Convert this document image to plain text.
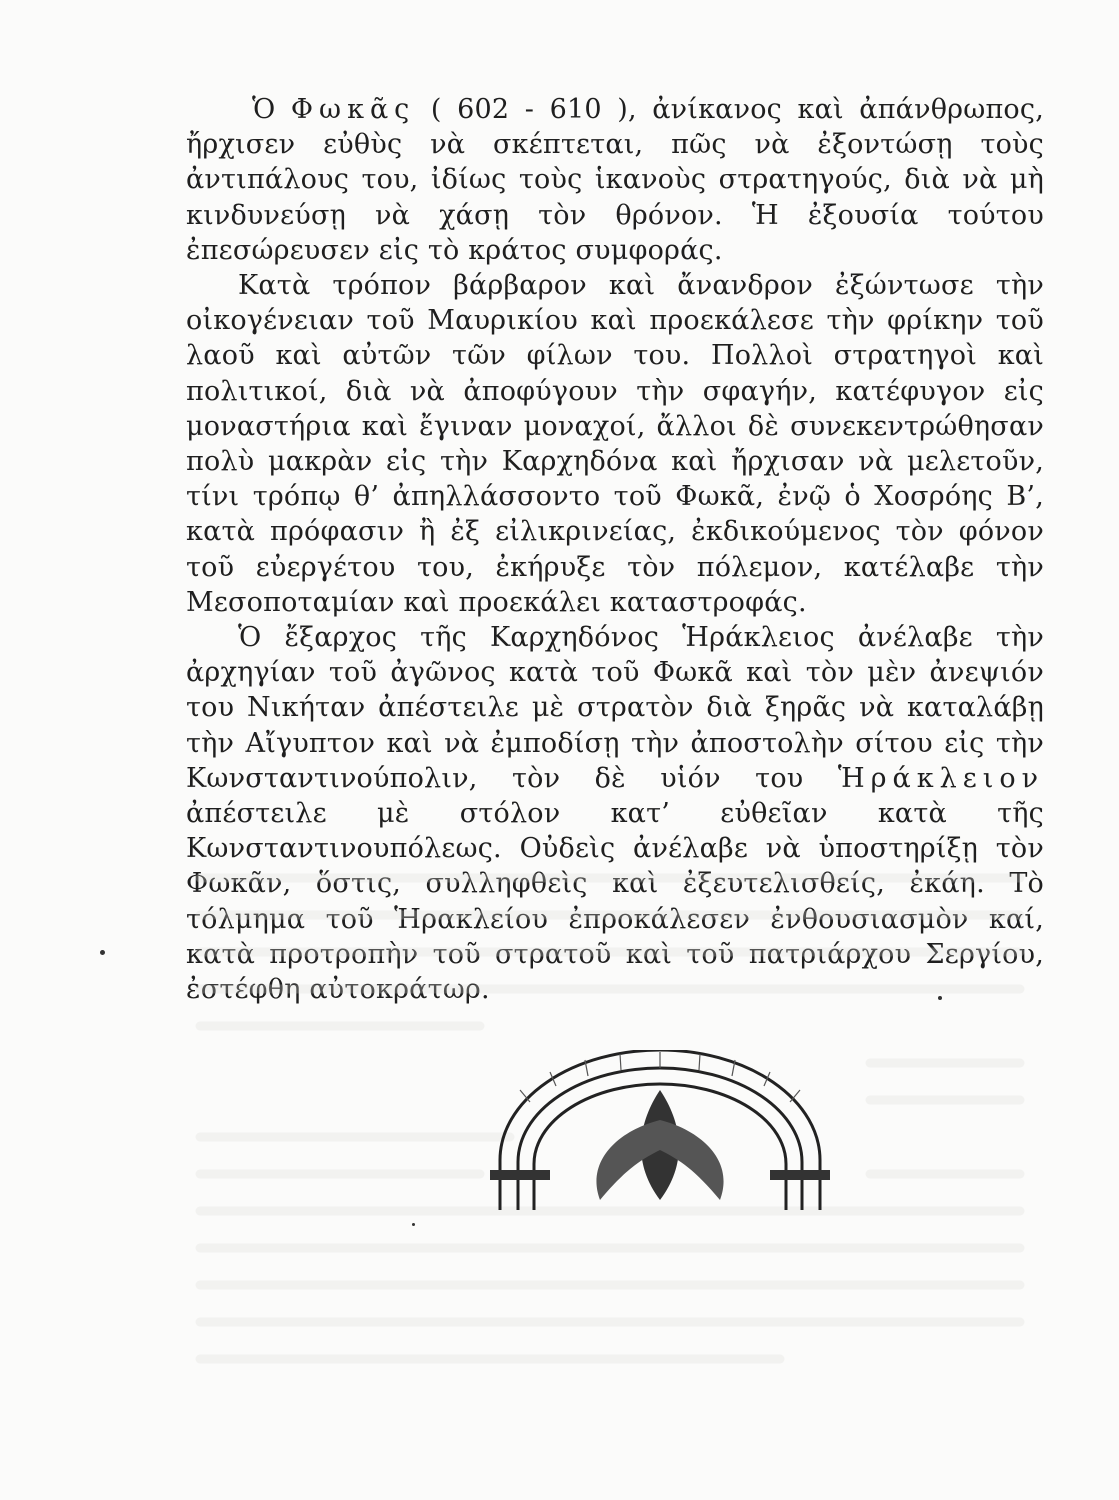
Ὁ Φωκᾶς ( 602 - 610 ), ἀνίκανος καὶ ἀπάνθρωπος, ἤρχισεν εὐθὺς νὰ σκέπτεται, πῶς νὰ ἐξοντώσῃ τοὺς ἀντιπάλους του, ἰδίως τοὺς ἱκανοὺς στρατηγούς, διὰ νὰ μὴ κινδυνεύσῃ νὰ χάσῃ τὸν θρόνον. Ἡ ἐξουσία τούτου ἐπεσώρευσεν εἰς τὸ κράτος συμφοράς.

Κατὰ τρόπον βάρβαρον καὶ ἄνανδρον ἐξώντωσε τὴν οἰκογένειαν τοῦ Μαυρικίου καὶ προεκάλεσε τὴν φρίκην τοῦ λαοῦ καὶ αὐτῶν τῶν φίλων του. Πολλοὶ στρατηγοὶ καὶ πολιτικοί, διὰ νὰ ἀποφύγουν τὴν σφαγήν, κατέφυγον εἰς μοναστήρια καὶ ἔγιναν μοναχοί, ἄλλοι δὲ συνεκεντρώθησαν πολὺ μακρὰν εἰς τὴν Καρχηδόνα καὶ ἤρχισαν νὰ μελετοῦν, τίνι τρόπῳ θ’ ἀπηλλάσσοντο τοῦ Φωκᾶ, ἐνῷ ὁ Χοσρόης Β’, κατὰ πρόφασιν ἢ ἐξ εἰλικρινείας, ἐκδικούμενος τὸν φόνον τοῦ εὐεργέτου του, ἐκήρυξε τὸν πόλεμον, κατέλαβε τὴν Μεσοποταμίαν καὶ προεκάλει καταστροφάς.

Ὁ ἔξαρχος τῆς Καρχηδόνος Ἡράκλειος ἀνέλαβε τὴν ἀρχηγίαν τοῦ ἀγῶνος κατὰ τοῦ Φωκᾶ καὶ τὸν μὲν ἀνεψιόν του Νικήταν ἀπέστειλε μὲ στρατὸν διὰ ξηρᾶς νὰ καταλάβῃ τὴν Αἴγυπτον καὶ νὰ ἐμποδίσῃ τὴν ἀποστολὴν σίτου εἰς τὴν Κωνσταντινούπολιν, τὸν δὲ υἱόν του Ἡράκλειον ἀπέστειλε μὲ στόλον κατ’ εὐθεῖαν κατὰ τῆς Κωνσταντινουπόλεως. Οὐδεὶς ἀνέλαβε νὰ ὑποστηρίξῃ τὸν Φωκᾶν, ὅστις, συλληφθεὶς καὶ ἐξευτελισθείς, ἐκάη. Τὸ τόλμημα τοῦ Ἡρακλείου ἐπροκάλεσεν ἐνθουσιασμὸν καί, κατὰ προτροπὴν τοῦ στρατοῦ καὶ τοῦ πατριάρχου Σεργίου, ἐστέφθη αὐτοκράτωρ.
